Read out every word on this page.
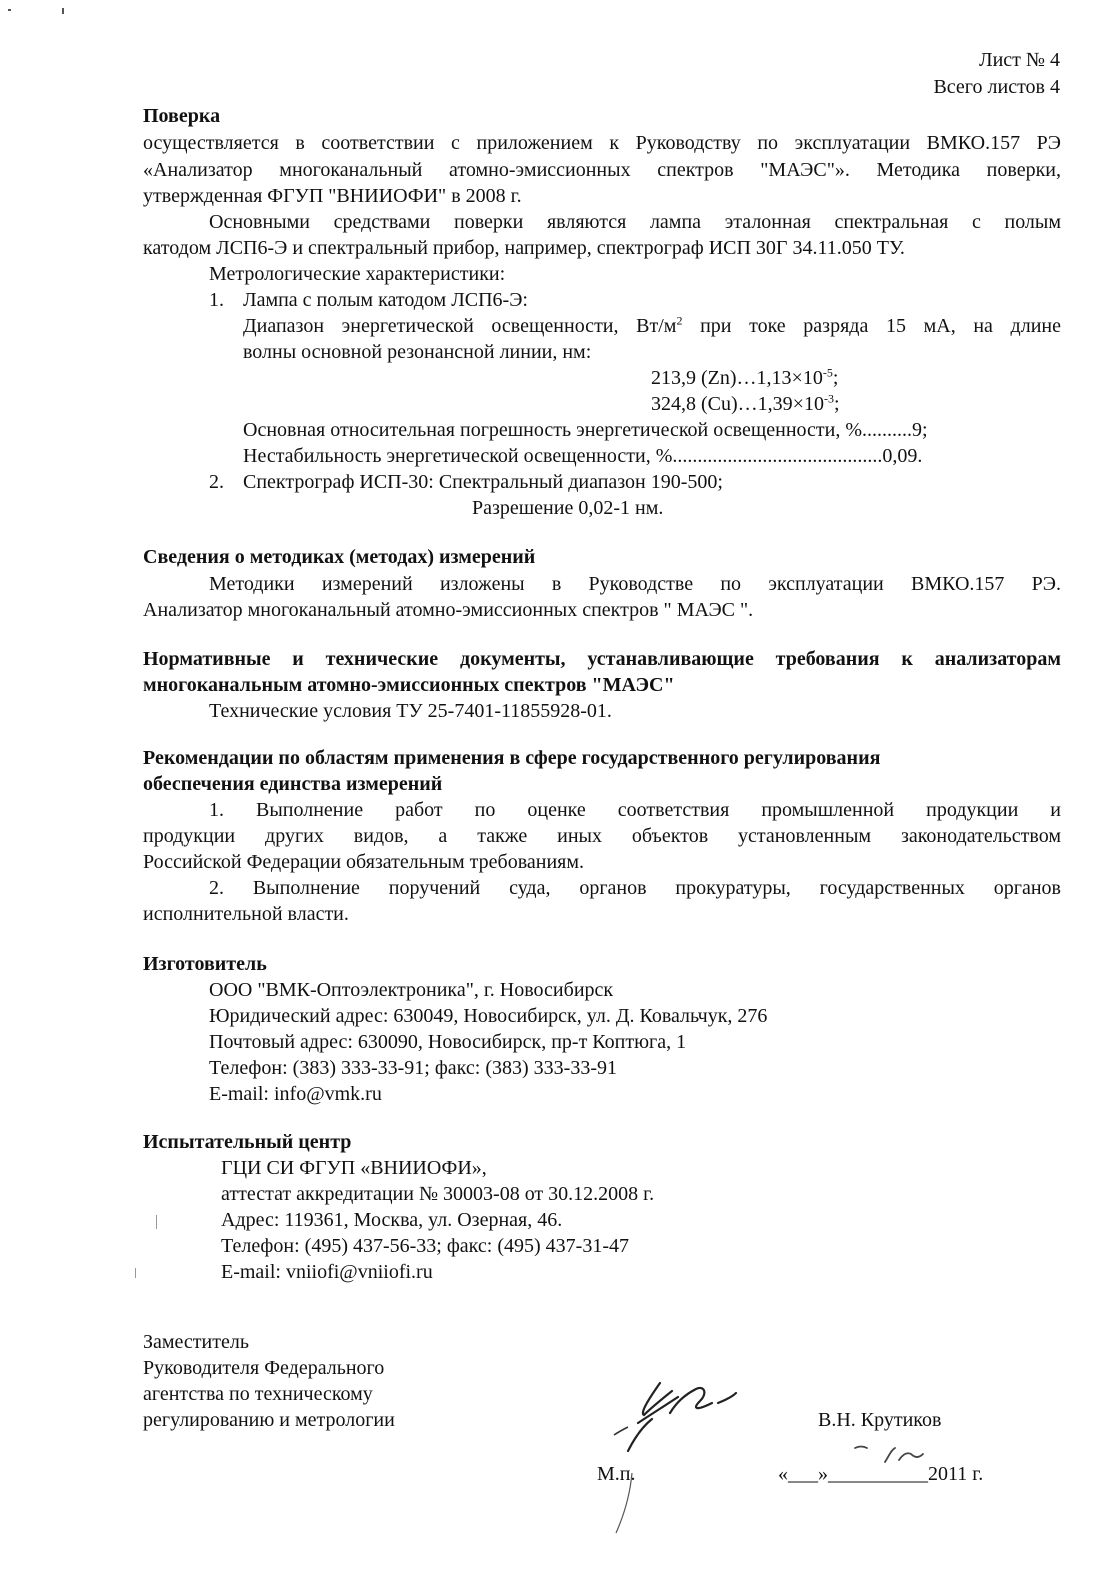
Лист № 4
Всего листов 4
Поверка
осуществляется в соответствии с приложением к Руководству по эксплуатации ВМКО.157 РЭ
«Анализатор многоканальный атомно-эмиссионных спектров "МАЭС"». Методика поверки,
утвержденная ФГУП "ВНИИОФИ" в 2008 г.
Основными средствами поверки являются лампа эталонная спектральная с полым
катодом ЛСП6-Э и спектральный прибор, например, спектрограф ИСП 30Г 34.11.050 ТУ.
Метрологические характеристики:
1. Лампа с полым катодом ЛСП6-Э:
Диапазон энергетической освещенности, $Вт/м^2$ при токе разряда 15 мА, на длине
волны основной резонансной линии, нм:
213,9 $(Zn)\dots 1,13\times 10^{-5}$;
324,8 $(Cu)\dots 1,39\times 10^{-3}$;
Основная относительная погрешность энергетической освещенности, %..........9;
Нестабильность энергетической освещенности, %..........................................0,09.
2. Спектрограф ИСП-30: Спектральный диапазон 190-500;
Разрешение 0,02-1 нм.
Сведения о методиках (методах) измерений
Методики измерений изложены в Руководстве по эксплуатации ВМКО.157 РЭ.
Анализатор многоканальный атомно-эмиссионных спектров " МАЭС ".
Нормативные и технические документы, устанавливающие требования к анализаторам
многоканальным атомно-эмиссионных спектров "МАЭС"
Технические условия ТУ 25-7401-11855928-01.
Рекомендации по областям применения в сфере государственного регулирования
обеспечения единства измерений
1. Выполнение работ по оценке соответствия промышленной продукции и
продукции других видов, а также иных объектов установленным законодательством
Российской Федерации обязательным требованиям.
2. Выполнение поручений суда, органов прокуратуры, государственных органов
исполнительной власти.
Изготовитель
ООО "ВМК-Оптоэлектроника", г. Новосибирск
Юридический адрес: 630049, Новосибирск, ул. Д. Ковальчук, 276
Почтовый адрес: 630090, Новосибирск, пр-т Коптюга, 1
Телефон: (383) 333-33-91; факс: (383) 333-33-91
E-mail: info@vmk.ru
Испытательный центр
ГЦИ СИ ФГУП «ВНИИОФИ»,
аттестат аккредитации № 30003-08 от 30.12.2008 г.
Адрес: 119361, Москва, ул. Озерная, 46.
Телефон: (495) 437-56-33; факс: (495) 437-31-47
E-mail: vniiofi@vniiofi.ru
Заместитель
Руководителя Федерального
агентства по техническому
регулированию и метрологии	В.Н. Крутиков
М.п.	«___»__________2011 г.
